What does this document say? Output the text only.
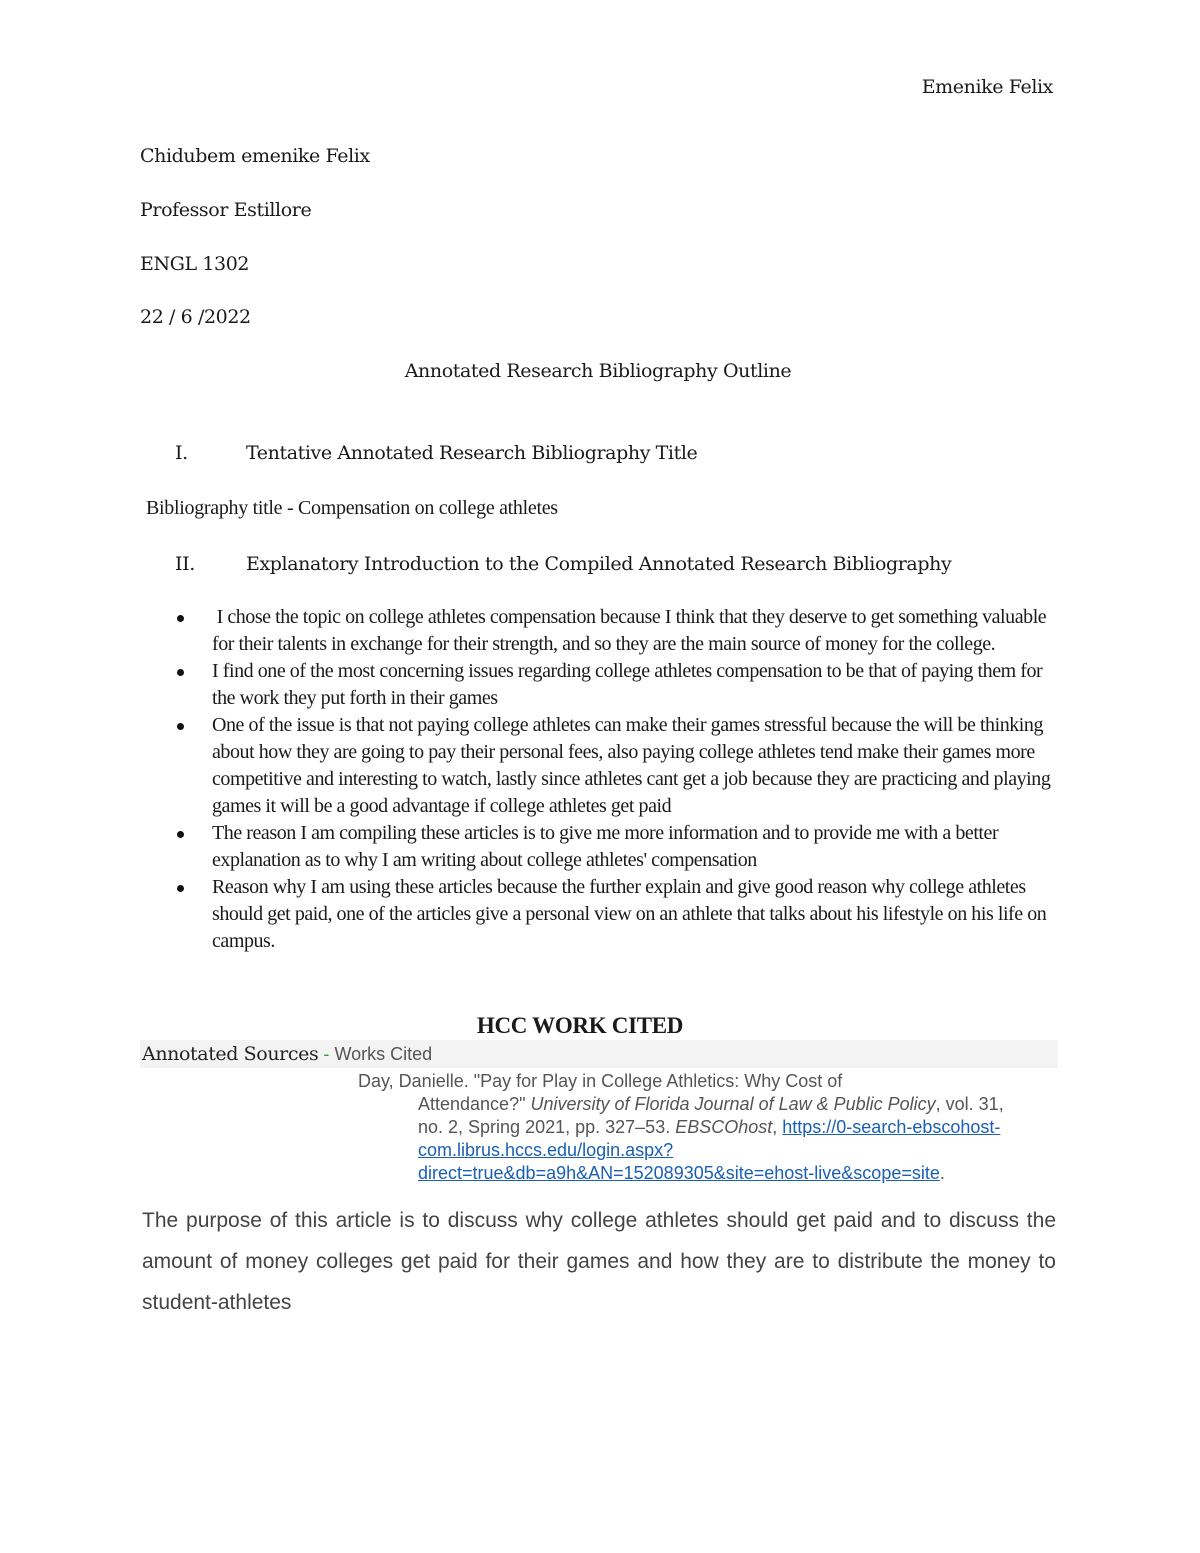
Emenike Felix
Chidubem emenike Felix
Professor Estillore
ENGL 1302
22 / 6 /2022
Annotated Research Bibliography Outline
I.	Tentative Annotated Research Bibliography Title
Bibliography title - Compensation on college athletes
II.	Explanatory Introduction to the Compiled Annotated Research Bibliography
I chose the topic on college athletes compensation because I think that they deserve to get something valuable for their talents in exchange for their strength, and so they are the main source of money for the college.
I find one of the most concerning issues regarding college athletes compensation to be that of paying them for the work they put forth in their games
One of the issue is that not paying college athletes can make their games stressful because the will be thinking about how they are going to pay their personal fees, also paying college athletes tend make their games more competitive and interesting to watch, lastly since athletes cant get a job because they are practicing and playing games it will be a good advantage if college athletes get paid
The reason I am compiling these articles is to give me more information and to provide me with a better explanation as to why I am writing about college athletes' compensation
Reason why I am using these articles because the further explain and give good reason why college athletes should get paid, one of the articles give a personal view on an athlete that talks about his lifestyle on his life on campus.
HCC WORK CITED
Annotated Sources - Works Cited
Day, Danielle. "Pay for Play in College Athletics: Why Cost of
Attendance?" University of Florida Journal of Law & Public Policy, vol. 31,
no. 2, Spring 2021, pp. 327–53. EBSCOhost, https://0-search-ebscohost-
com.librus.hccs.edu/login.aspx?
direct=true&db=a9h&AN=152089305&site=ehost-live&scope=site.
The purpose of this article is to discuss why college athletes should get paid and to discuss the amount of money colleges get paid for their games and how they are to distribute the money to student-athletes
